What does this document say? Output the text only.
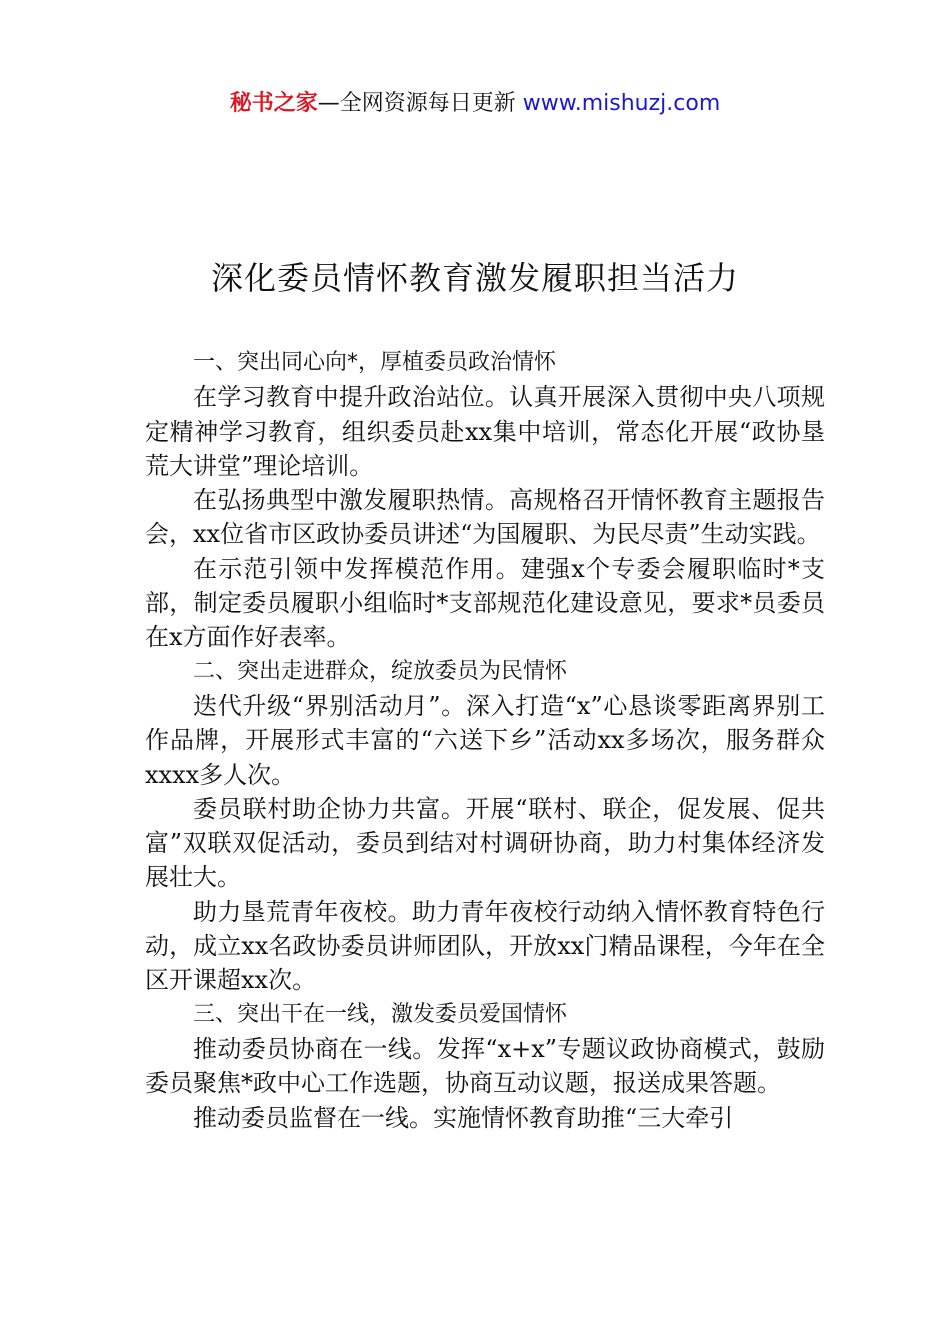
秘书之家—全网资源每日更新 www.mishuzj.com
深化委员情怀教育激发履职担当活力

一、突出同心向*，厚植委员政治情怀

在学习教育中提升政治站位。认真开展深入贯彻中央八项规定精神学习教育，组织委员赴xx集中培训，常态化开展“政协垦荒大讲堂”理论培训。

在弘扬典型中激发履职热情。高规格召开情怀教育主题报告会，xx位省市区政协委员讲述“为国履职、为民尽责”生动实践。

在示范引领中发挥模范作用。建强x个专委会履职临时*支部，制定委员履职小组临时*支部规范化建设意见，要求*员委员在x方面作好表率。

二、突出走进群众，绽放委员为民情怀

迭代升级“界别活动月”。深入打造“x”心恳谈零距离界别工作品牌，开展形式丰富的“六送下乡”活动xx多场次，服务群众xxxx多人次。

委员联村助企协力共富。开展“联村、联企，促发展、促共富”双联双促活动，委员到结对村调研协商，助力村集体经济发展壮大。

助力垦荒青年夜校。助力青年夜校行动纳入情怀教育特色行动，成立xx名政协委员讲师团队，开放xx门精品课程，今年在全区开课超xx次。

三、突出干在一线，激发委员爱国情怀

推动委员协商在一线。发挥“x+x”专题议政协商模式，鼓励委员聚焦*政中心工作选题，协商互动议题，报送成果答题。

推动委员监督在一线。实施情怀教育助推“三大牵引
